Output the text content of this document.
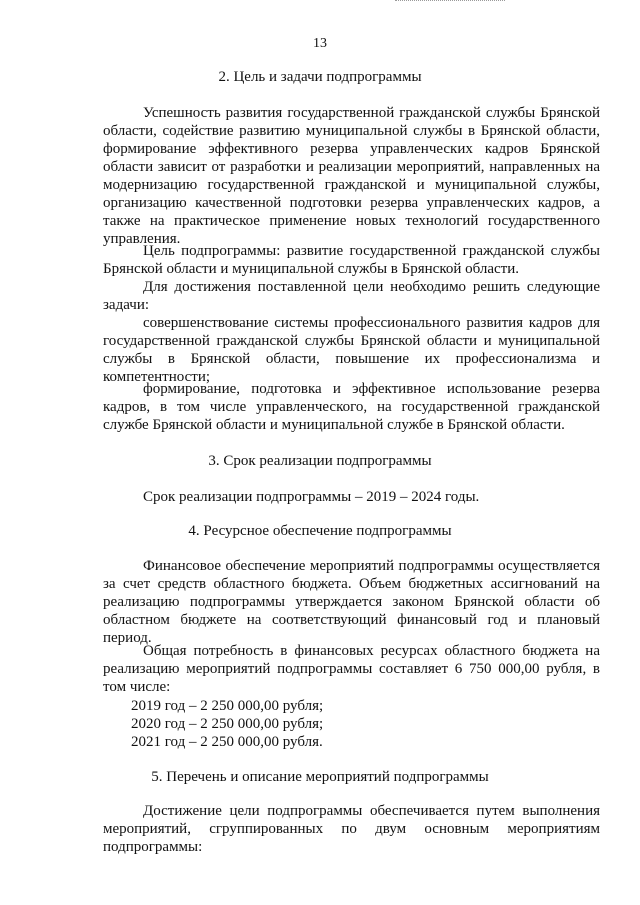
13
2. Цель и задачи подпрограммы

Успешность развития государственной гражданской службы Брянской области, содействие развитию муниципальной службы в Брянской области, формирование эффективного резерва управленческих кадров Брянской области зависит от разработки и реализации мероприятий, направленных на модернизацию государственной гражданской и муниципальной службы, организацию качественной подготовки резерва управленческих кадров, а также на практическое применение новых технологий государственного управления.

Цель подпрограммы: развитие государственной гражданской службы Брянской области и муниципальной службы в Брянской области.

Для достижения поставленной цели необходимо решить следующие задачи:

совершенствование системы профессионального развития кадров для государственной гражданской службы Брянской области и муниципальной службы в Брянской области, повышение их профессионализма и компетентности;

формирование, подготовка и эффективное использование резерва кадров, в том числе управленческого, на государственной гражданской службе Брянской области и муниципальной службе в Брянской области.

3. Срок реализации подпрограммы

Срок реализации подпрограммы – 2019 – 2024 годы.

4. Ресурсное обеспечение подпрограммы

Финансовое обеспечение мероприятий подпрограммы осуществляется за счет средств областного бюджета. Объем бюджетных ассигнований на реализацию подпрограммы утверждается законом Брянской области об областном бюджете на соответствующий финансовый год и плановый период.

Общая потребность в финансовых ресурсах областного бюджета на реализацию мероприятий подпрограммы составляет 6 750 000,00 рубля, в том числе:

2019 год – 2 250 000,00 рубля;
2020 год – 2 250 000,00 рубля;
2021 год – 2 250 000,00 рубля.
5. Перечень и описание мероприятий подпрограммы

Достижение цели подпрограммы обеспечивается путем выполнения мероприятий, сгруппированных по двум основным мероприятиям подпрограммы:
